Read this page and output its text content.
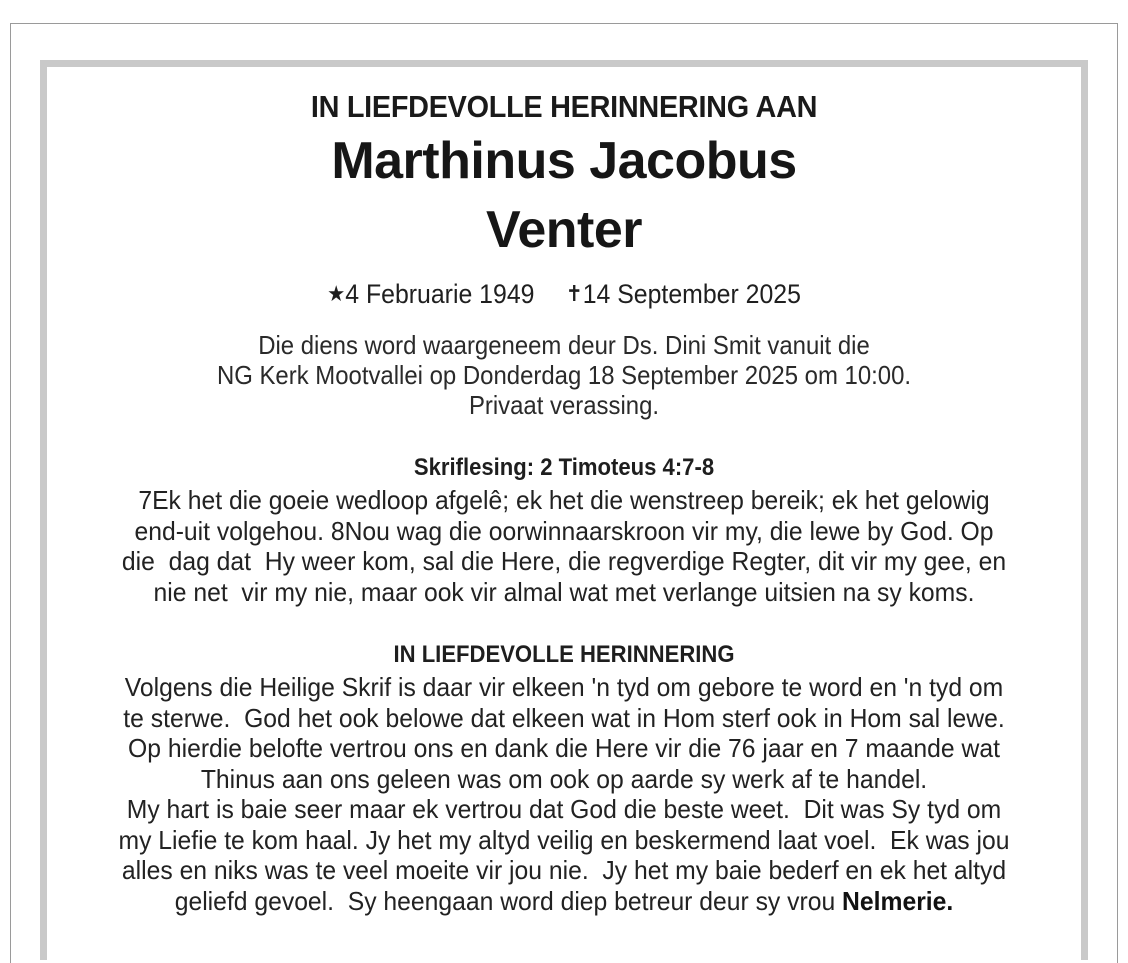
IN LIEFDEVOLLE HERINNERING AAN
Marthinus Jacobus
Venter
★4 Februarie 1949 ✝14 September 2025
Die diens word waargeneem deur Ds. Dini Smit vanuit die
NG Kerk Mootvallei op Donderdag 18 September 2025 om 10:00.
Privaat verassing.
Skriflesing: 2 Timoteus 4:7-8
7Ek het die goeie wedloop afgelê; ek het die wenstreep bereik; ek het gelowig
end-uit volgehou. 8Nou wag die oorwinnaarskroon vir my, die lewe by God. Op
die  dag dat  Hy weer kom, sal die Here, die regverdige Regter, dit vir my gee, en
nie net  vir my nie, maar ook vir almal wat met verlange uitsien na sy koms.
IN LIEFDEVOLLE HERINNERING
Volgens die Heilige Skrif is daar vir elkeen 'n tyd om gebore te word en 'n tyd om
te sterwe.  God het ook belowe dat elkeen wat in Hom sterf ook in Hom sal lewe.
Op hierdie belofte vertrou ons en dank die Here vir die 76 jaar en 7 maande wat
Thinus aan ons geleen was om ook op aarde sy werk af te handel.
My hart is baie seer maar ek vertrou dat God die beste weet.  Dit was Sy tyd om
my Liefie te kom haal. Jy het my altyd veilig en beskermend laat voel.  Ek was jou
alles en niks was te veel moeite vir jou nie.  Jy het my baie bederf en ek het altyd
geliefd gevoel.  Sy heengaan word diep betreur deur sy vrou Nelmerie.
